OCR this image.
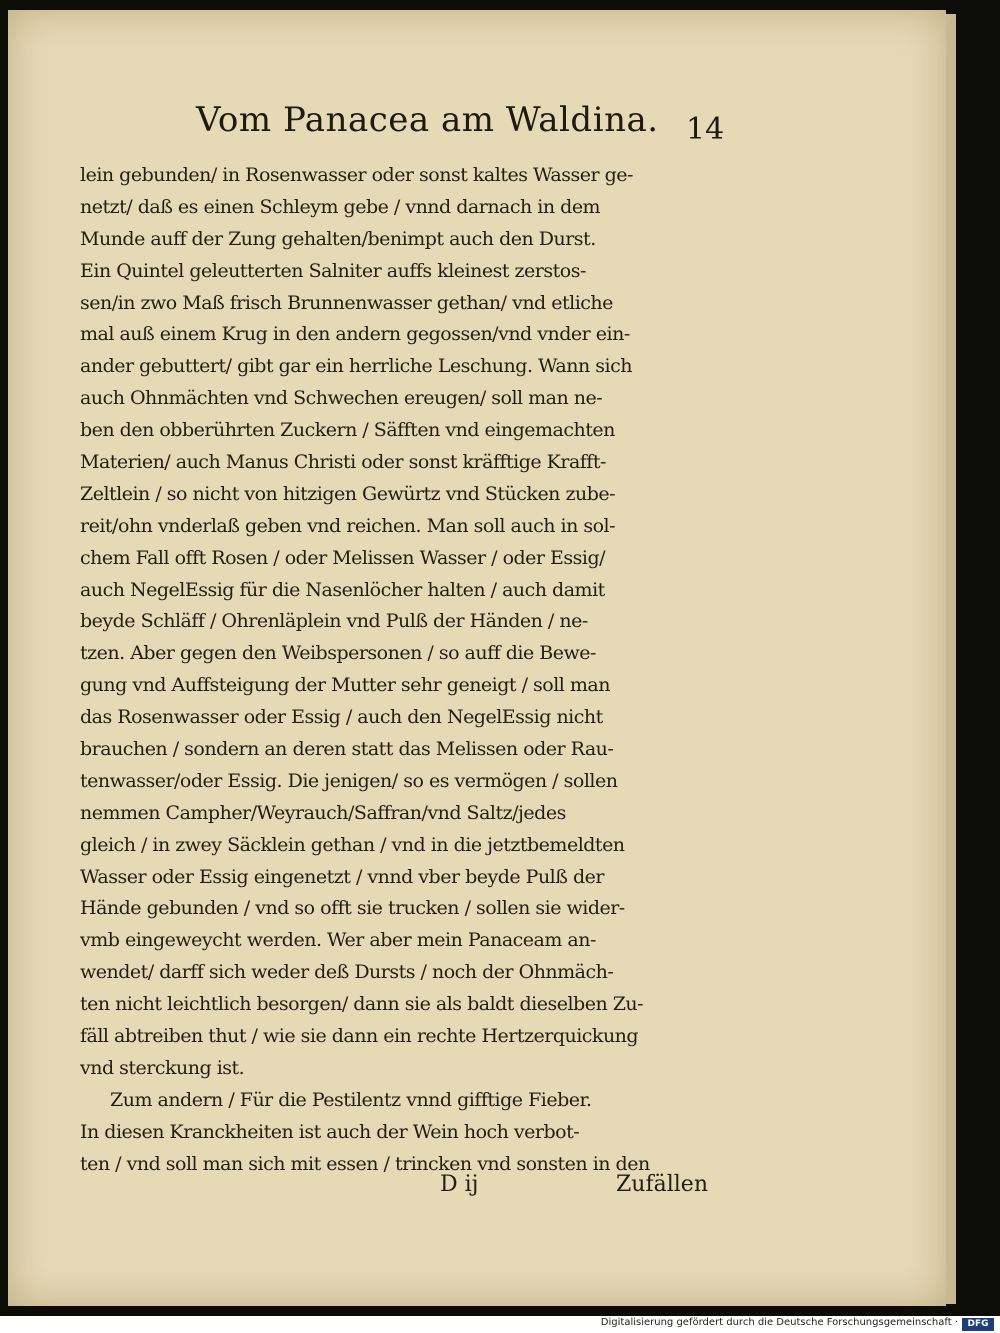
Vom Panacea am Waldina. 14
lein gebunden/ in Rosenwasser oder sonst kaltes Wasser ge-
netzt/ daß es einen Schleym gebe / vnnd darnach in dem
Munde auff der Zung gehalten/benimpt auch den Durst.
Ein Quintel geleutterten Salniter auffs kleinest zerstos-
sen/in zwo Maß frisch Brunnenwasser gethan/ vnd etliche
mal auß einem Krug in den andern gegossen/vnd vnder ein-
ander gebuttert/ gibt gar ein herrliche Leschung. Wann sich
auch Ohnmächten vnd Schwechen ereugen/ soll man ne-
ben den obberührten Zuckern / Säfften vnd eingemachten
Materien/ auch Manus Christi oder sonst kräfftige Krafft-
Zeltlein / so nicht von hitzigen Gewürtz vnd Stücken zube-
reit/ohn vnderlaß geben vnd reichen. Man soll auch in sol-
chem Fall offt Rosen / oder Melissen Wasser / oder Essig/
auch NegelEssig für die Nasenlöcher halten / auch damit
beyde Schläff / Ohrenläplein vnd Pulß der Händen / ne-
tzen. Aber gegen den Weibspersonen / so auff die Bewe-
gung vnd Auffsteigung der Mutter sehr geneigt / soll man
das Rosenwasser oder Essig / auch den NegelEssig nicht
brauchen / sondern an deren statt das Melissen oder Rau-
tenwasser/oder Essig. Die jenigen/ so es vermögen / sollen
nemmen Campher/Weyrauch/Saffran/vnd Saltz/jedes
gleich / in zwey Säcklein gethan / vnd in die jetztbemeldten
Wasser oder Essig eingenetzt / vnnd vber beyde Pulß der
Hände gebunden / vnd so offt sie trucken / sollen sie wider-
vmb eingeweycht werden. Wer aber mein Panaceam an-
wendet/ darff sich weder deß Dursts / noch der Ohnmäch-
ten nicht leichtlich besorgen/ dann sie als baldt dieselben Zu-
fäll abtreiben thut / wie sie dann ein rechte Hertzerquickung
vnd sterckung ist.
Zum andern / Für die Pestilentz vnnd gifftige Fieber.
In diesen Kranckheiten ist auch der Wein hoch verbot-
ten / vnd soll man sich mit essen / trincken vnd sonsten in den
D ij	Zufällen
Digitalisierung gefördert durch die Deutsche Forschungsgemeinschaft ·	DFG
